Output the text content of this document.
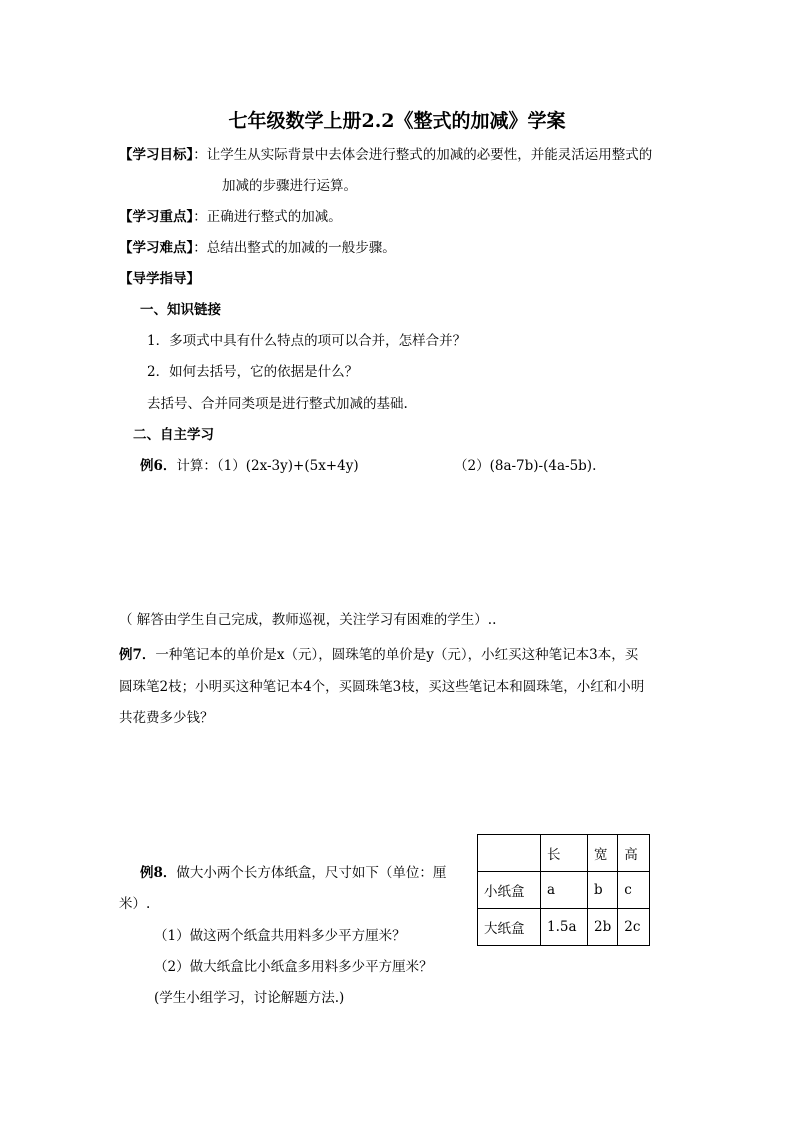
七年级数学上册2.2《整式的加减》学案
【学习目标】：让学生从实际背景中去体会进行整式的加减的必要性，并能灵活运用整式的
加减的步骤进行运算。
【学习重点】：正确进行整式的加减。
【学习难点】：总结出整式的加减的一般步骤。
【导学指导】
一、知识链接
1．多项式中具有什么特点的项可以合并，怎样合并？
2．如何去括号，它的依据是什么？
去括号、合并同类项是进行整式加减的基础.
二、自主学习
例6．计算：（1）(2x-3y)+(5x+4y)	（2）(8a-7b)-(4a-5b).
（ 解答由学生自己完成，教师巡视，关注学习有困难的学生）..
例7．一种笔记本的单价是x（元），圆珠笔的单价是y（元），小红买这种笔记本3本，买
圆珠笔2枝；小明买这种笔记本4个，买圆珠笔3枝，买这些笔记本和圆珠笔，小红和小明
共花费多少钱？
例8．做大小两个长方体纸盒，尺寸如下（单位：厘
米）.
（1）做这两个纸盒共用料多少平方厘米？
（2）做大纸盒比小纸盒多用料多少平方厘米？
(学生小组学习，讨论解题方法.)
	长	宽	高
小纸盒	a	b	c
大纸盒	1.5a	2b	2c
